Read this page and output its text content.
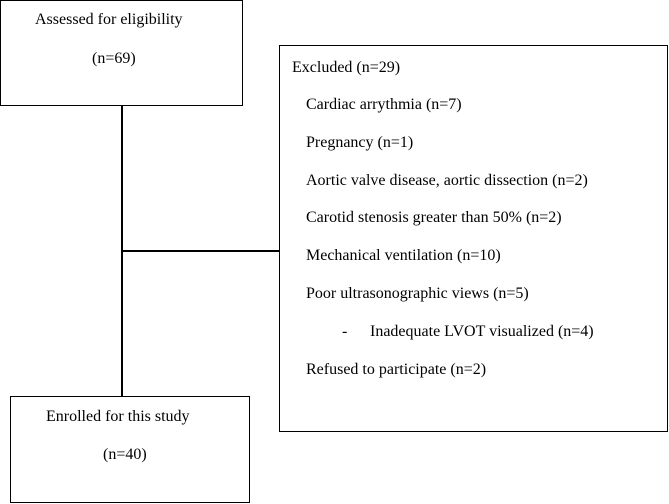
Assessed for eligibility
(n=69)
Excluded (n=29)
Cardiac arrythmia (n=7)
Pregnancy (n=1)
Aortic valve disease, aortic dissection (n=2)
Carotid stenosis greater than 50% (n=2)
Mechanical ventilation (n=10)
Poor ultrasonographic views (n=5)
- Inadequate LVOT visualized (n=4)
Refused to participate (n=2)
Enrolled for this study
(n=40)
